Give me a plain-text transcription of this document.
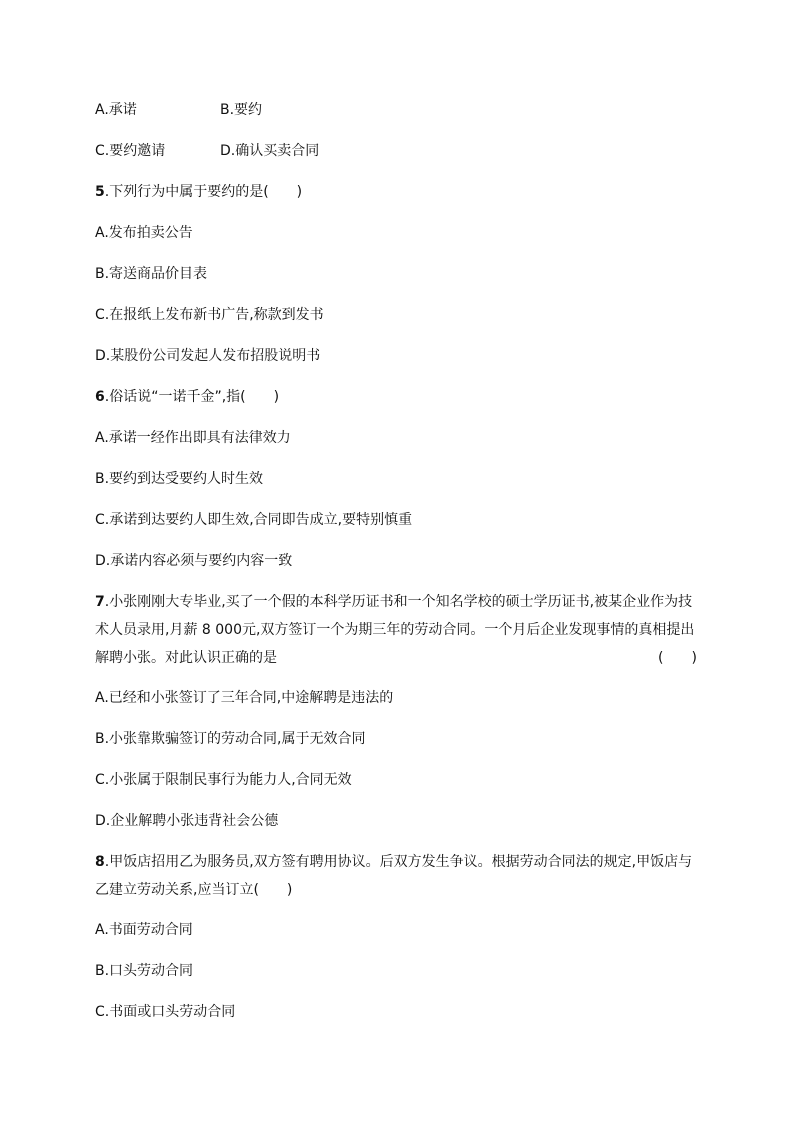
A.承诺	B.要约
C.要约邀请	D.确认买卖合同
5.下列行为中属于要约的是(　　)
A.发布拍卖公告
B.寄送商品价目表
C.在报纸上发布新书广告,称款到发书
D.某股份公司发起人发布招股说明书
6.俗话说“一诺千金”,指(　　)
A.承诺一经作出即具有法律效力
B.要约到达受要约人时生效
C.承诺到达要约人即生效,合同即告成立,要特别慎重
D.承诺内容必须与要约内容一致
7.小张刚刚大专毕业,买了一个假的本科学历证书和一个知名学校的硕士学历证书,被某企业作为技
术人员录用,月薪 8 000元,双方签订一个为期三年的劳动合同。一个月后企业发现事情的真相提出
解聘小张。对此认识正确的是	(　　)
A.已经和小张签订了三年合同,中途解聘是违法的
B.小张靠欺骗签订的劳动合同,属于无效合同
C.小张属于限制民事行为能力人,合同无效
D.企业解聘小张违背社会公德
8.甲饭店招用乙为服务员,双方签有聘用协议。后双方发生争议。根据劳动合同法的规定,甲饭店与
乙建立劳动关系,应当订立(　　)
A.书面劳动合同
B.口头劳动合同
C.书面或口头劳动合同
